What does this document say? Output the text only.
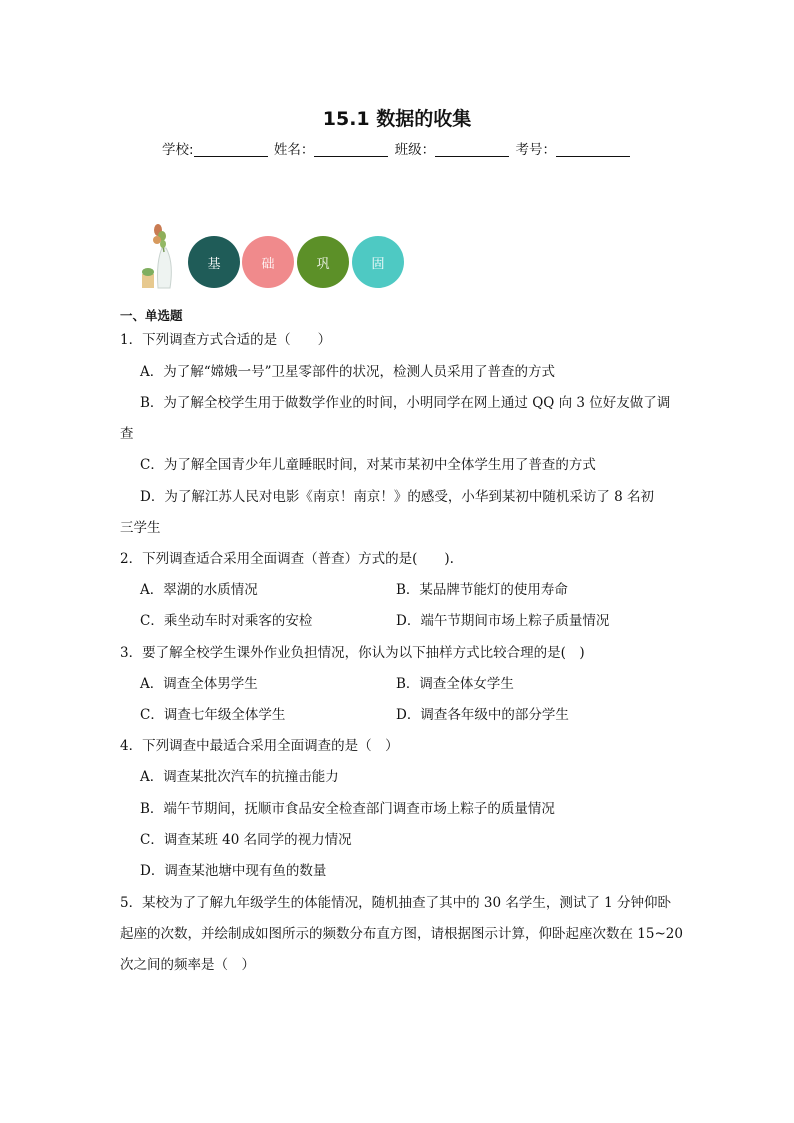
15.1 数据的收集
学校:	姓名：	班级：	考号：
基	础	巩	固
一、单选题
1．下列调查方式合适的是（　　）
A．为了解“嫦娥一号”卫星零部件的状况，检测人员采用了普查的方式
B．为了解全校学生用于做数学作业的时间，小明同学在网上通过 QQ 向 3 位好友做了调
查
C．为了解全国青少年儿童睡眠时间，对某市某初中全体学生用了普查的方式
D．为了解江苏人民对电影《南京！南京！》的感受，小华到某初中随机采访了 8 名初
三学生
2．下列调查适合采用全面调查（普查）方式的是(　　).
A．翠湖的水质情况	B．某品牌节能灯的使用寿命
C．乘坐动车时对乘客的安检	D．端午节期间市场上粽子质量情况
3．要了解全校学生课外作业负担情况，你认为以下抽样方式比较合理的是(　)
A．调查全体男学生	B．调查全体女学生
C．调查七年级全体学生	D．调查各年级中的部分学生
4．下列调查中最适合采用全面调查的是（　）
A．调查某批次汽车的抗撞击能力
B．端午节期间，抚顺市食品安全检查部门调查市场上粽子的质量情况
C．调查某班 40 名同学的视力情况
D．调查某池塘中现有鱼的数量
5．某校为了了解九年级学生的体能情况，随机抽查了其中的 30 名学生，测试了 1 分钟仰卧
起座的次数，并绘制成如图所示的频数分布直方图，请根据图示计算，仰卧起座次数在 15~20
次之间的频率是（　）
